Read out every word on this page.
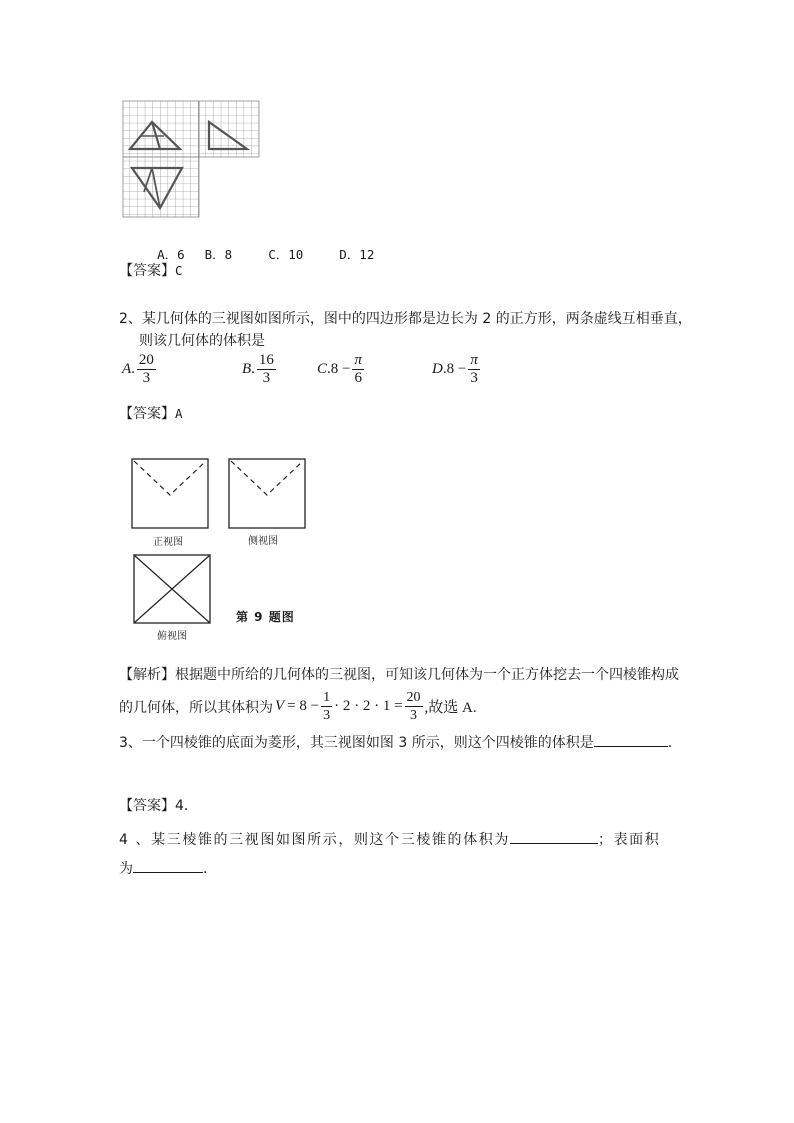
A．6 B．8	C．10	D．12

【答案】C
2、某几何体的三视图如图所示，图中的四边形都是边长为 2 的正方形，两条虚线互相垂直，
则该几何体的体积是
A. $\frac{20}{3}$	B. $\frac{16}{3}$	$C.8 - \frac{\pi}{6}$	$D.8 - \frac{\pi}{3}$
【答案】A
正视图	侧视图
俯视图
第 9 题图
【解析】根据题中所给的几何体的三视图，可知该几何体为一个正方体挖去一个四棱锥构成
的几何体，所以其体积为 $V = 8 - \frac{1}{3} \cdot 2 \cdot 2 \cdot 1 = \frac{20}{3}$ ,故选 A.
3、一个四棱锥的底面为菱形，其三视图如图 3 所示，则这个四棱锥的体积是	.
【答案】4．
4 、某三棱锥的三视图如图所示，则这个三棱锥的体积为	；表面积
为	.
